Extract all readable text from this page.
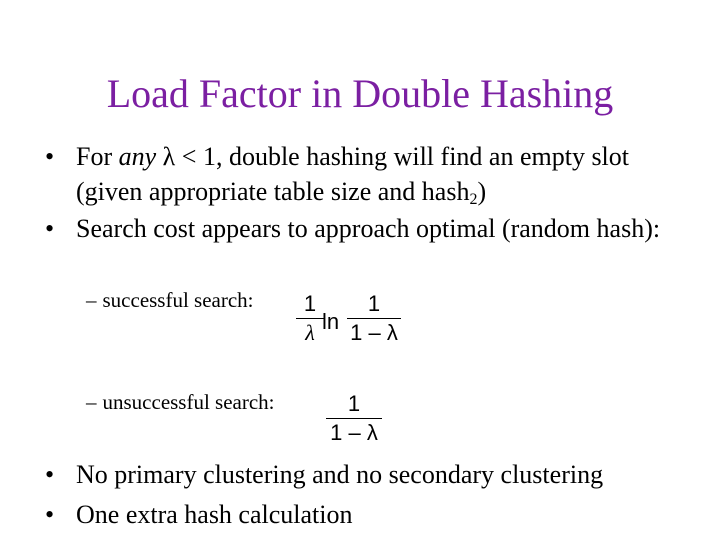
Load Factor in Double Hashing
• For any λ < 1, double hashing will find an empty slot (given appropriate table size and hash$_2$)
• Search cost appears to approach optimal (random hash):
– successful search:	1
λ ln
1
1 – λ
– unsuccessful search:	1
1 – λ
• No primary clustering and no secondary clustering
• One extra hash calculation
